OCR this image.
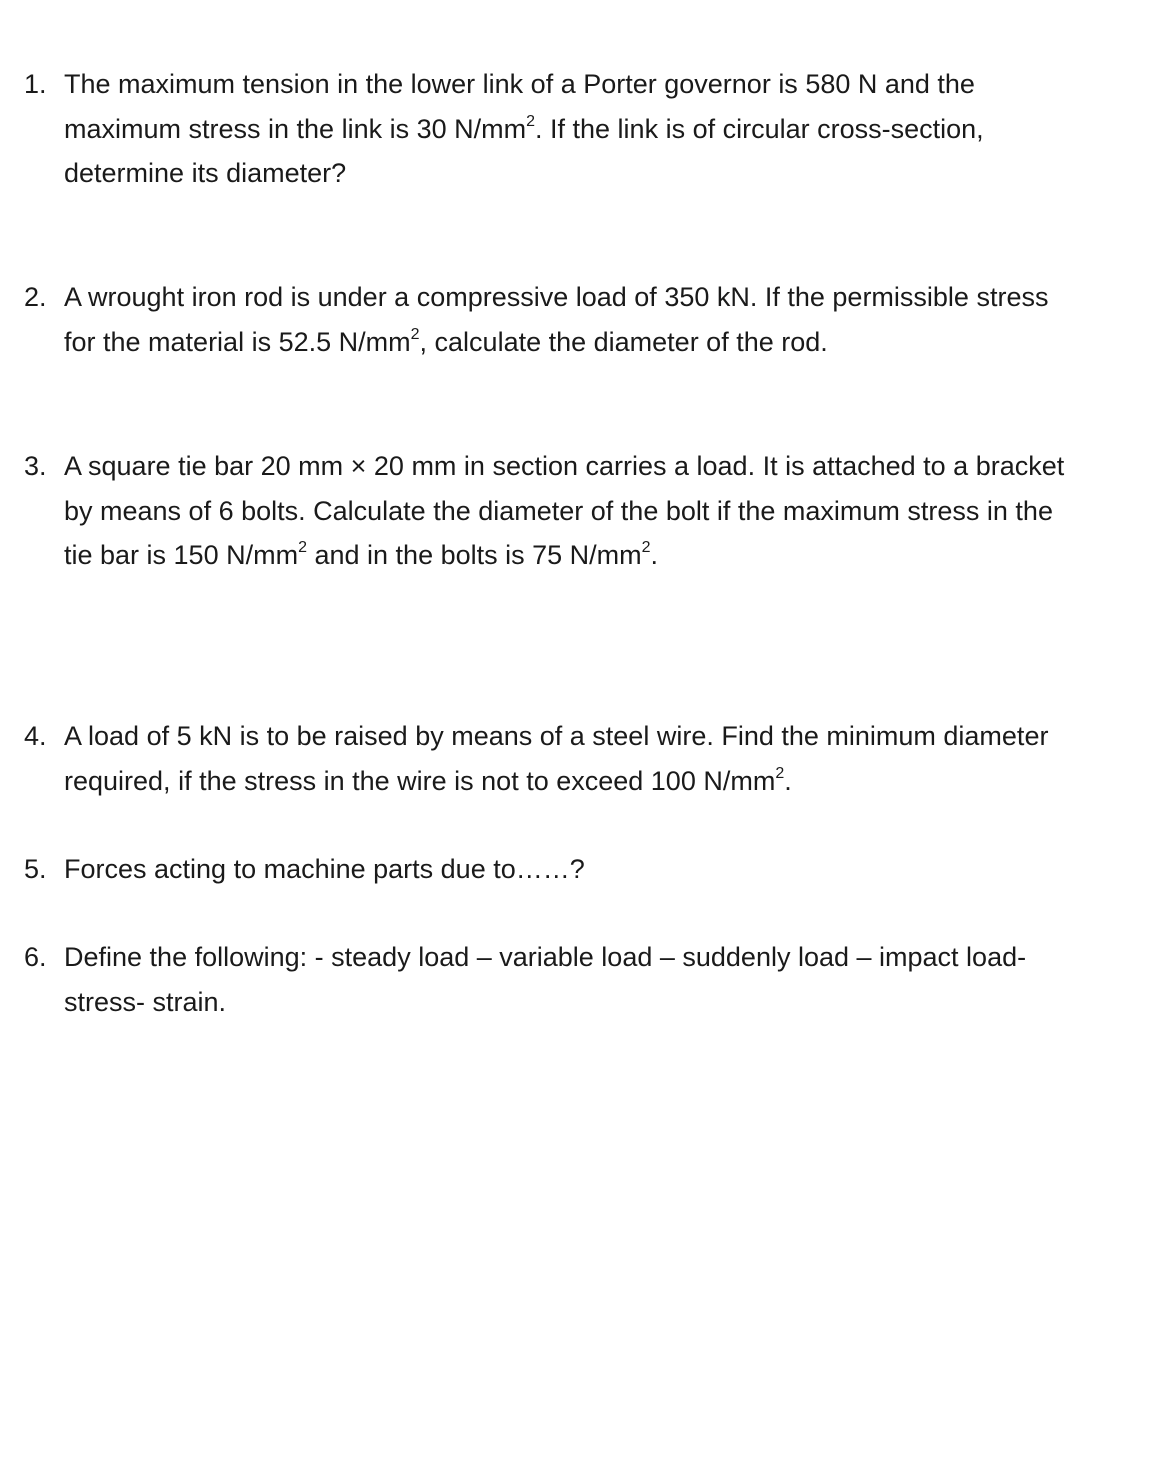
1. The maximum tension in the lower link of a Porter governor is 580 N and the
maximum stress in the link is 30 $N/mm^2$. If the link is of circular cross-section,
determine its diameter?
2. A wrought iron rod is under a compressive load of 350 kN. If the permissible stress
for the material is 52.5 $N/mm^2$, calculate the diameter of the rod.
3. A square tie bar 20 mm × 20 mm in section carries a load. It is attached to a bracket
by means of 6 bolts. Calculate the diameter of the bolt if the maximum stress in the
tie bar is 150 $N/mm^2$ and in the bolts is 75 $N/mm^2$.
4. A load of 5 kN is to be raised by means of a steel wire. Find the minimum diameter
required, if the stress in the wire is not to exceed 100 $N/mm^2$.
5. Forces acting to machine parts due to……?
6. Define the following: - steady load – variable load – suddenly load – impact load-
stress- strain.
